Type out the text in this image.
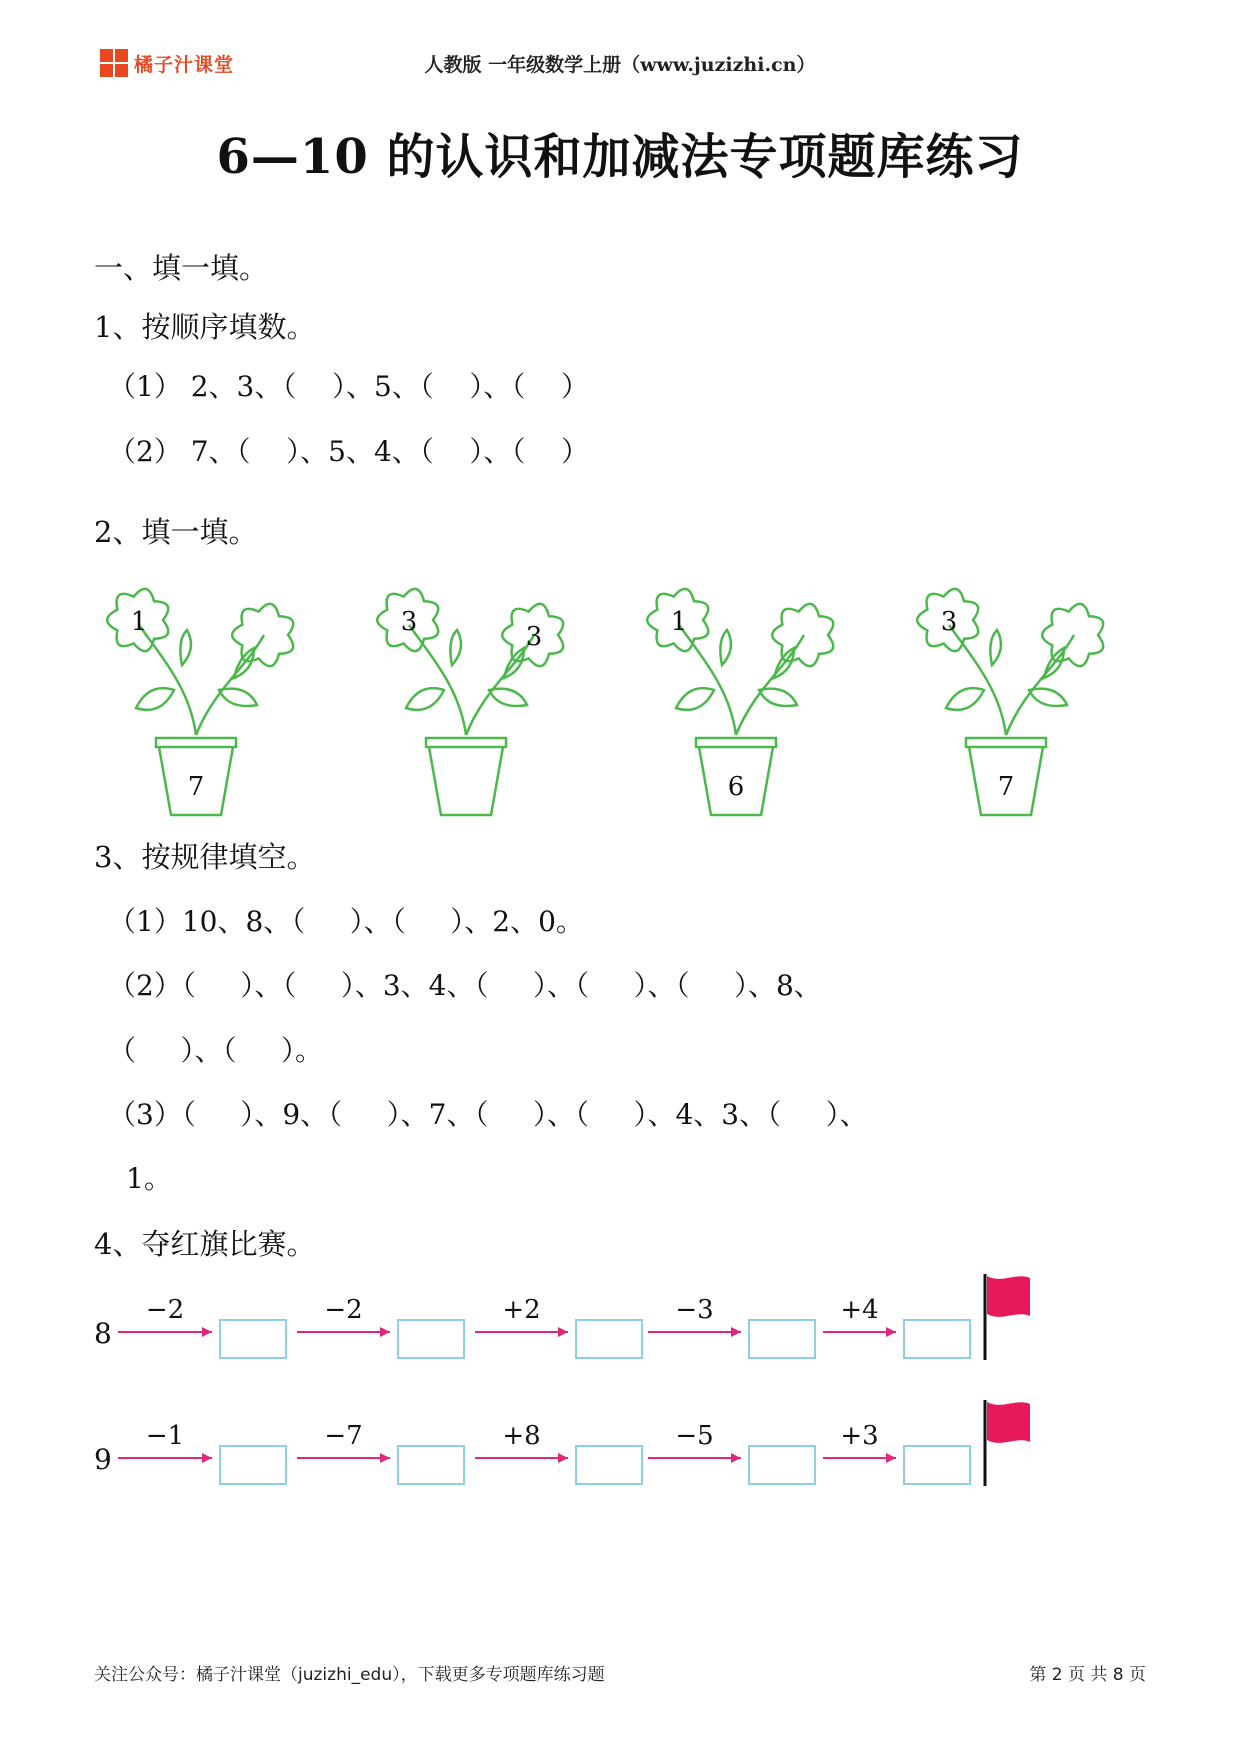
橘子汁课堂	人教版 一年级数学上册（www.juzizhi.cn）
6—10 的认识和加减法专项题库练习
一、填一填。
1、按顺序填数。
（1） 2、3、（    ）、5、（    ）、（    ）
（2） 7、（    ）、5、4、（    ）、（    ）
2、填一填。
1
7
3	3	1
6
3
7
3、按规律填空。
（1）10、8、（     ）、（     ）、2、0。
（2）（     ）、（     ）、3、4、（     ）、（     ）、（     ）、8、
（     ）、（     ）。
（3）（     ）、9、（     ）、7、（     ）、（     ）、4、3、（     ）、
1。
4、夺红旗比赛。
8
−2	−2	+2	−3	+4
9
−1	−7	+8	−5	+3
关注公众号：橘子汁课堂（juzizhi_edu），下载更多专项题库练习题	第 2 页 共 8 页
